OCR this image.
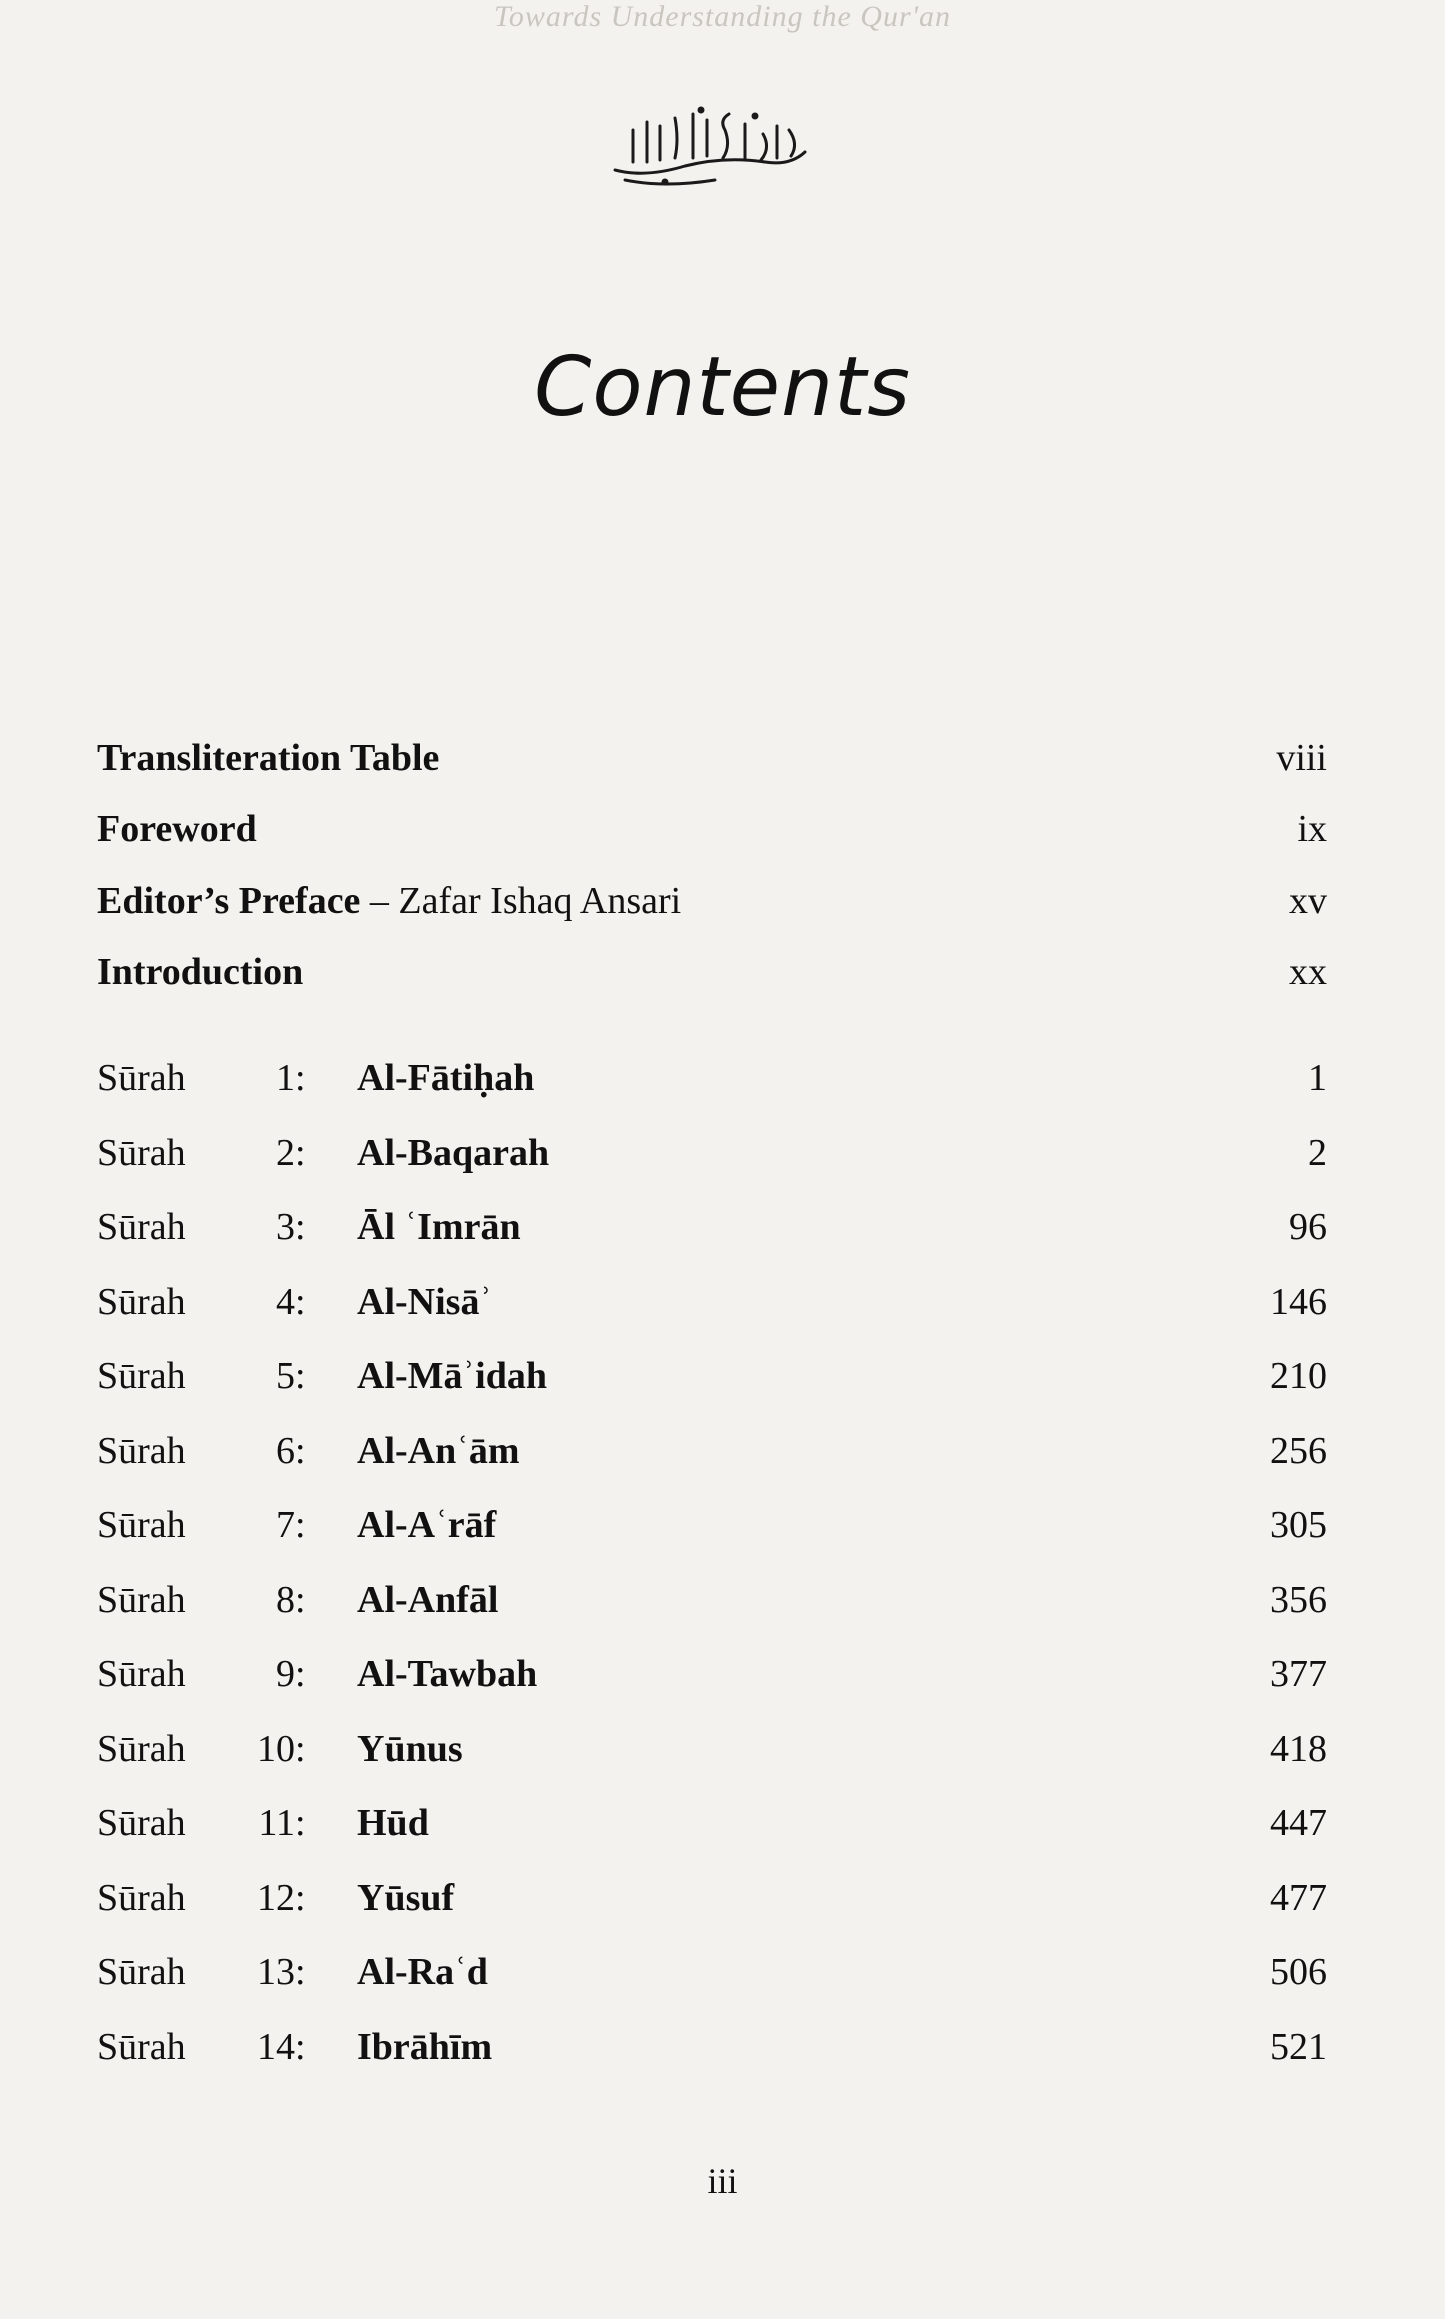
Towards Understanding the Qur'an
Contents
Transliteration Table	viii
Foreword	ix
Editor’s Preface – Zafar Ishaq Ansari	xv
Introduction	xx
Sūrah	1 : Al-Fātiḥah	1
Sūrah	2 : Al-Baqarah	2
Sūrah	3 : Āl ʿImrān	96
Sūrah	4 : Al-Nisāʾ	146
Sūrah	5 : Al-Māʾidah	210
Sūrah	6 : Al-Anʿām	256
Sūrah	7 : Al-Aʿrāf	305
Sūrah	8 : Al-Anfāl	356
Sūrah	9 : Al-Tawbah	377
Sūrah	10 : Yūnus	418
Sūrah	11 : Hūd	447
Sūrah	12 : Yūsuf	477
Sūrah	13 : Al-Raʿd	506
Sūrah	14 : Ibrāhīm	521
iii
